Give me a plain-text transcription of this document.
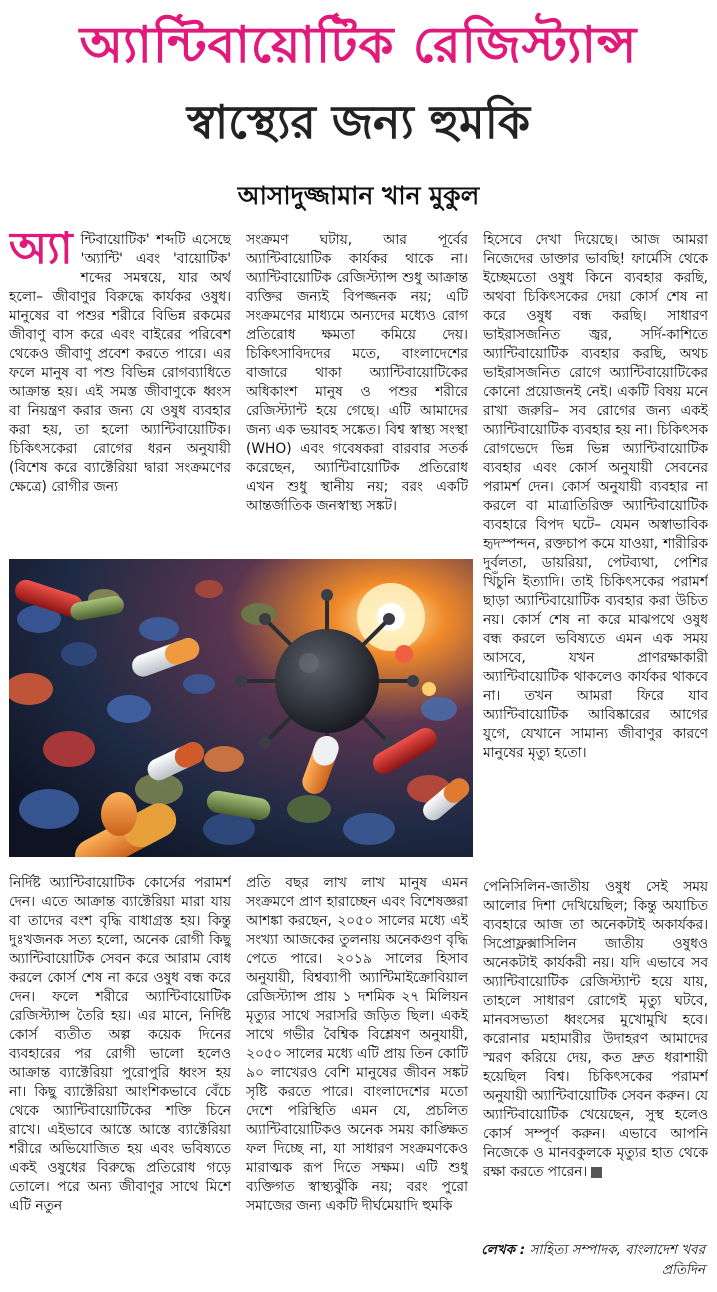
অ্যান্টিবায়োটিক রেজিস্ট্যান্স
স্বাস্থ্যের জন্য হুমকি
আসাদুজ্জামান খান মুকুল

অ্যা ন্টিবায়োটিক' শব্দটি এসেছে 'অ্যান্টি' এবং 'বায়োটিক' শব্দের সমন্বয়ে, যার অর্থ হলো– জীবাণুর বিরুদ্ধে কার্যকর ওষুধ। মানুষের বা পশুর শরীরে বিভিন্ন রকমের জীবাণু বাস করে এবং বাইরের পরিবেশ থেকেও জীবাণু প্রবেশ করতে পারে। এর ফলে মানুষ বা পশু বিভিন্ন রোগব্যাধিতে আক্রান্ত হয়। এই সমস্ত জীবাণুকে ধ্বংস বা নিয়ন্ত্রণ করার জন্য যে ওষুধ ব্যবহার করা হয়, তা হলো অ্যান্টিবায়োটিক। চিকিৎসকেরা রোগের ধরন অনুযায়ী (বিশেষ করে ব্যাক্টেরিয়া দ্বারা সংক্রমণের ক্ষেত্রে) রোগীর জন্য

সংক্রমণ ঘটায়, আর পূর্বের অ্যান্টিবায়োটিক কার্যকর থাকে না। অ্যান্টিবায়োটিক রেজিস্ট্যান্স শুধু আক্রান্ত ব্যক্তির জন্যই বিপজ্জনক নয়; এটি সংক্রমণের মাধ্যমে অন্যদের মধ্যেও রোগ প্রতিরোধ ক্ষমতা কমিয়ে দেয়। চিকিৎসাবিদদের মতে, বাংলাদেশের বাজারে থাকা অ্যান্টিবায়োটিকের অধিকাংশ মানুষ ও পশুর শরীরে রেজিস্ট্যান্ট হয়ে গেছে। এটি আমাদের জন্য এক ভয়াবহ সঙ্কেত। বিশ্ব স্বাস্থ্য সংস্থা (WHO) এবং গবেষকরা বারবার সতর্ক করেছেন, অ্যান্টিবায়োটিক প্রতিরোধ এখন শুধু স্থানীয় নয়; বরং একটি আন্তর্জাতিক জনস্বাস্থ্য সঙ্কট।

হিসেবে দেখা দিয়েছে। আজ আমরা নিজেদের ডাক্তার ভাবছি! ফার্মেসি থেকে ইচ্ছেমতো ওষুধ কিনে ব্যবহার করছি, অথবা চিকিৎসকের দেয়া কোর্স শেষ না করে ওষুধ বন্ধ করছি। সাধারণ ভাইরাসজনিত জ্বর, সর্দি-কাশিতে অ্যান্টিবায়োটিক ব্যবহার করছি, অথচ ভাইরাসজনিত রোগে অ্যান্টিবায়োটিকের কোনো প্রয়োজনই নেই। একটি বিষয় মনে রাখা জরুরি– সব রোগের জন্য একই অ্যান্টিবায়োটিক ব্যবহার হয় না। চিকিৎসক রোগভেদে ভিন্ন ভিন্ন অ্যান্টিবায়োটিক ব্যবহার এবং কোর্স অনুযায়ী সেবনের পরামর্শ দেন। কোর্স অনুযায়ী ব্যবহার না করলে বা মাত্রাতিরিক্ত অ্যান্টিবায়োটিক ব্যবহারে বিপদ ঘটে– যেমন অস্বাভাবিক হৃদস্পন্দন, রক্তচাপ কমে যাওয়া, শারীরিক দুর্বলতা, ডায়রিয়া, পেটব্যথা, পেশির খিঁচুনি ইত্যাদি। তাই চিকিৎসকের পরামর্শ ছাড়া অ্যান্টিবায়োটিক ব্যবহার করা উচিত নয়। কোর্স শেষ না করে মাঝপথে ওষুধ বন্ধ করলে ভবিষ্যতে এমন এক সময় আসবে, যখন প্রাণরক্ষাকারী অ্যান্টিবায়োটিক থাকলেও কার্যকর থাকবে না। তখন আমরা ফিরে যাব অ্যান্টিবায়োটিক আবিষ্কারের আগের যুগে, যেখানে সামান্য জীবাণুর কারণে মানুষের মৃত্যু হতো।

নির্দিষ্ট অ্যান্টিবায়োটিক কোর্সের পরামর্শ দেন। এতে আক্রান্ত ব্যাক্টেরিয়া মারা যায় বা তাদের বংশ বৃদ্ধি বাধাগ্রস্ত হয়। কিন্তু দুঃখজনক সত্য হলো, অনেক রোগী কিছু অ্যান্টিবায়োটিক সেবন করে আরাম বোধ করলে কোর্স শেষ না করে ওষুধ বন্ধ করে দেন। ফলে শরীরে অ্যান্টিবায়োটিক রেজিস্ট্যান্স তৈরি হয়। এর মানে, নির্দিষ্ট কোর্স ব্যতীত অল্প কয়েক দিনের ব্যবহারের পর রোগী ভালো হলেও আক্রান্ত ব্যাক্টেরিয়া পুরোপুরি ধ্বংস হয় না। কিছু ব্যাক্টেরিয়া আংশিকভাবে বেঁচে থেকে অ্যান্টিবায়োটিকের শক্তি চিনে রাখে। এইভাবে আস্তে আস্তে ব্যাক্টেরিয়া শরীরে অভিযোজিত হয় এবং ভবিষ্যতে একই ওষুধের বিরুদ্ধে প্রতিরোধ গড়ে তোলে। পরে অন্য জীবাণুর সাথে মিশে এটি নতুন

প্রতি বছর লাখ লাখ মানুষ এমন সংক্রমণে প্রাণ হারাচ্ছেন এবং বিশেষজ্ঞরা আশঙ্কা করছেন, ২০৫০ সালের মধ্যে এই সংখ্যা আজকের তুলনায় অনেকগুণ বৃদ্ধি পেতে পারে। ২০১৯ সালের হিসাব অনুযায়ী, বিশ্বব্যাপী অ্যান্টিমাইক্রোবিয়াল রেজিস্ট্যান্স প্রায় ১ দশমিক ২৭ মিলিয়ন মৃত্যুর সাথে সরাসরি জড়িত ছিল। একই সাথে গভীর বৈশ্বিক বিশ্লেষণ অনুযায়ী, ২০৫০ সালের মধ্যে এটি প্রায় তিন কোটি ৯০ লাখেরও বেশি মানুষের জীবন সঙ্কট সৃষ্টি করতে পারে। বাংলাদেশের মতো দেশে পরিস্থিতি এমন যে, প্রচলিত অ্যান্টিবায়োটিকও অনেক সময় কাঙ্ক্ষিত ফল দিচ্ছে না, যা সাধারণ সংক্রমণকেও মারাত্মক রূপ দিতে সক্ষম। এটি শুধু ব্যক্তিগত স্বাস্থ্যঝুঁকি নয়; বরং পুরো সমাজের জন্য একটি দীর্ঘমেয়াদি হুমকি

পেনিসিলিন-জাতীয় ওষুধ সেই সময় আলোর দিশা দেখিয়েছিল; কিন্তু অযাচিত ব্যবহারে আজ তা অনেকটাই অকার্যকর। সিপ্রোফ্লক্সাসিলিন জাতীয় ওষুধও অনেকটাই কার্যকরী নয়। যদি এভাবে সব অ্যান্টিবায়োটিক রেজিস্ট্যান্ট হয়ে যায়, তাহলে সাধারণ রোগেই মৃত্যু ঘটবে, মানবসভ্যতা ধ্বংসের মুখোমুখি হবে। করোনার মহামারীর উদাহরণ আমাদের স্মরণ করিয়ে দেয়, কত দ্রুত ধরাশায়ী হয়েছিল বিশ্ব। চিকিৎসকের পরামর্শ অনুযায়ী অ্যান্টিবায়োটিক সেবন করুন। যে অ্যান্টিবায়োটিক খেয়েছেন, সুস্থ হলেও কোর্স সম্পূর্ণ করুন। এভাবে আপনি নিজেকে ও মানবকুলকে মৃত্যুর হাত থেকে রক্ষা করতে পারেন।

লেখক : সাহিত্য সম্পাদক, বাংলাদেশ খবর প্রতিদিন
